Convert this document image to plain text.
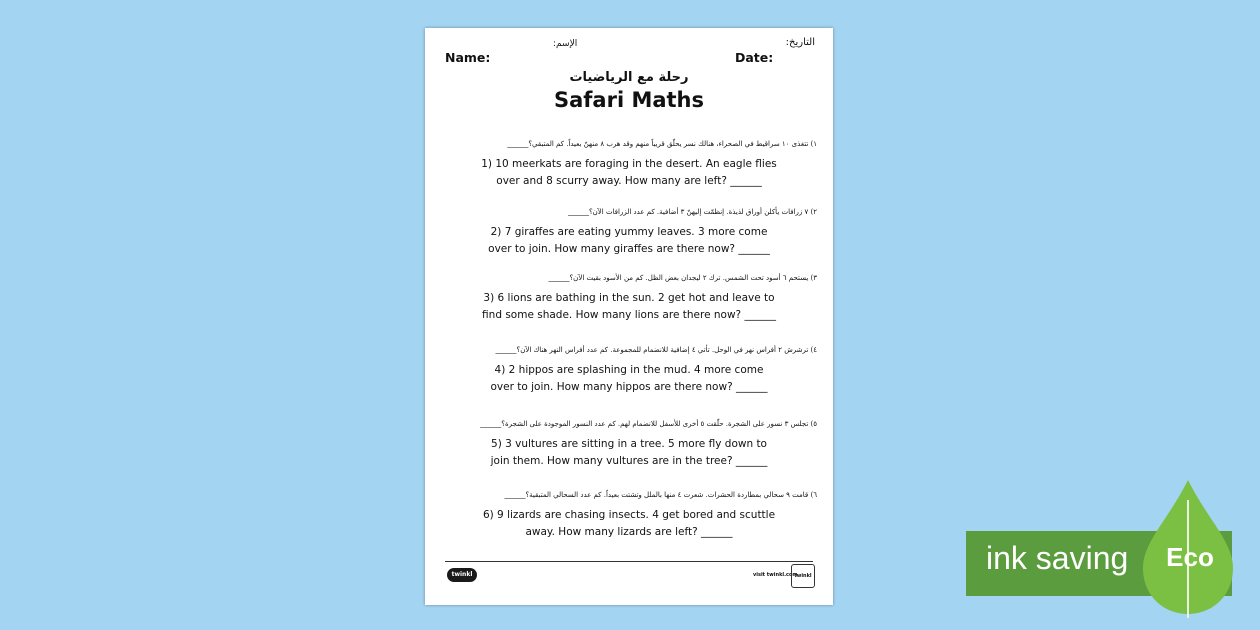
التاريخ:
الإسم:
Name:	Date:
رحلة مع الرياضيات
Safari Maths
١) تتغذى ١٠ سراقيط في الصحراء، هنالك نسر يحلّق قريباً منهم وقد هرب ٨ منهنّ بعيداً. كم المتبقي؟______
1) 10 meerkats are foraging in the desert. An eagle flies
over and 8 scurry away. How many are left? ______
٢) ٧ زرافات يأكلن أوراق لذيذة. إنظمّت إليهنّ ٣ أضافية. كم عدد الزرافات الآن؟______
2) 7 giraffes are eating yummy leaves. 3 more come
over to join. How many giraffes are there now? ______
٣) يستحم ٦ أسود تحت الشمس. ترك ٢ ليجدان بعض الظل. كم من الأسود بقيت الآن؟______
3) 6 lions are bathing in the sun. 2 get hot and leave to
find some shade. How many lions are there now? ______
٤) ترشرش ٢ أفراس نهر في الوحل. تأتي ٤ إضافية للانضمام للمجموعة. كم عدد أفراس النهر هناك الآن؟______
4) 2 hippos are splashing in the mud. 4 more come
over to join. How many hippos are there now? ______
٥) تجلس ٣ نسور على الشجرة. حلّقت ٥ أخرى للأسفل للانضمام لهم. كم عدد النسور الموجودة على الشجرة؟______
5) 3 vultures are sitting in a tree. 5 more fly down to
join them. How many vultures are in the tree? ______
٦) قامت ٩ سحالي بمطاردة الحشرات. شعرت ٤ منها بالملل وتشتت بعيداً. كم عدد السحالي المتبقية؟______
6) 9 lizards are chasing insects. 4 get bored and scuttle
away. How many lizards are left? ______
twinkl	visit twinkl.com
twinkl	ink saving	Eco
